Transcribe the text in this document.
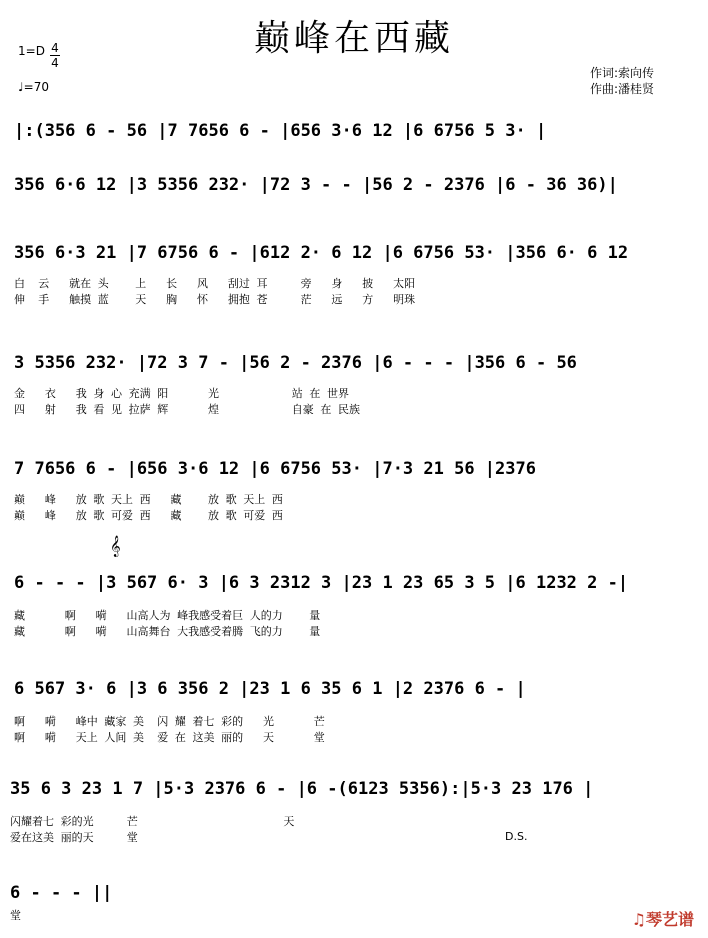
巅峰在西藏
1=D 4
4
♩=70
作词:索向传
作曲:潘桂贤
|:(356 6 - 56 |7 7656 6 - |656 3·6 12 |6 6756 5 3· |
356 6·6 12 |3 5356 232· |72 3 - - |56 2 - 2376 |6 - 36 36)|
356 6·3 21 |7 6756 6 - |612 2· 6 12 |6 6756 53· |356 6· 6 12
白  云   就在 头    上   长   风   刮过 耳     旁   身   披   太阳
伸  手   触摸 蓝    天   胸   怀   拥抱 苍     茫   远   方   明珠
3 5356 232· |72 3 7 - |56 2 - 2376 |6 - - - |356 6 - 56
金   衣   我 身 心 充满 阳      光           站 在 世界
四   射   我 看 见 拉萨 辉      煌           自豪 在 民族
7 7656 6 - |656 3·6 12 |6 6756 53· |7·3 21 56 |2376
巅   峰   放 歌 天上 西   藏    放 歌 天上 西
巅   峰   放 歌 可爱 西   藏    放 歌 可爱 西
𝄞
6 - - - |3 567 6· 3 |6 3 2312 3 |23 1 23 65 3 5 |6 1232 2 -|
藏      啊   嗬   山高人为 峰我感受着巨 人的力    量
藏      啊   嗬   山高舞台 大我感受着腾 飞的力    量
6 567 3· 6 |3 6 356 2 |23 1 6 35 6 1 |2 2376 6 - |
啊   嗬   峰中 藏家 美  闪 耀 着七 彩的   光      芒
啊   嗬   天上 人间 美  爱 在 这美 丽的   天      堂
35 6 3 23 1 7 |5·3 2376 6 - |6 -(6123 5356):|5·3 23 176 |
闪耀着七 彩的光     芒                      天
爱在这美 丽的天     堂	D.S.
6 - - - ||
堂	♫琴艺谱
